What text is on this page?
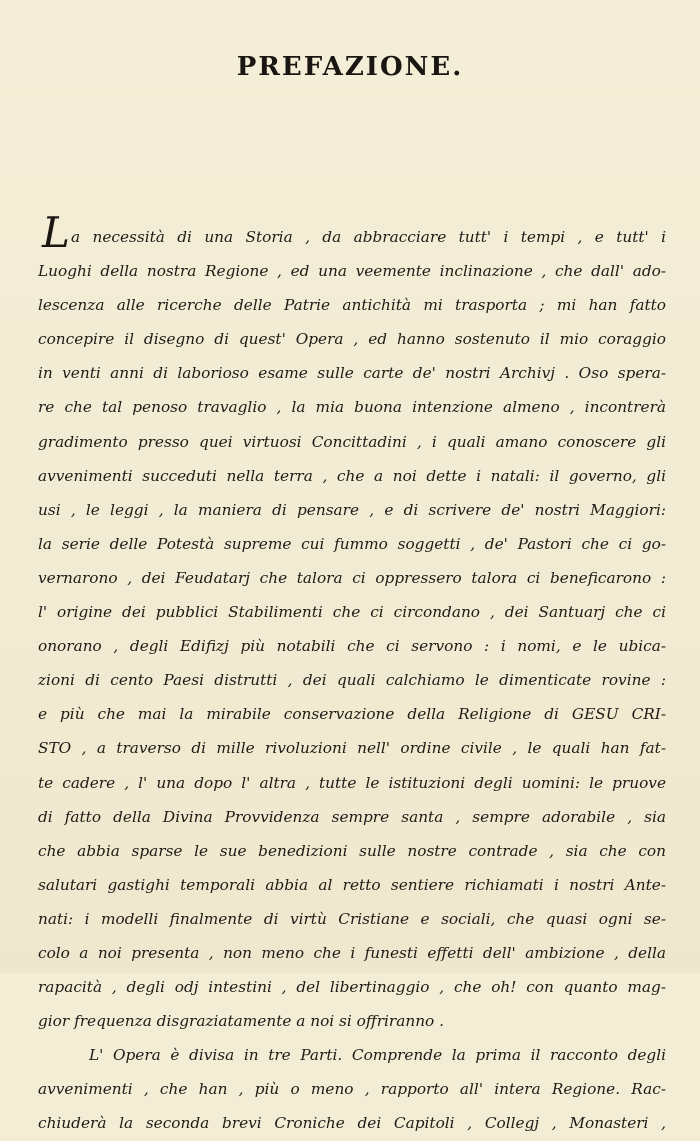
PREFAZIONE.
L a necessità di una Storia , da abbracciare tutt' i tempi , e tutt' i
Luoghi della nostra Regione , ed una veemente inclinazione , che dall' ado-
lescenza alle ricerche delle Patrie antichità mi trasporta ; mi han fatto
concepire il disegno di quest' Opera , ed hanno sostenuto il mio coraggio
in venti anni di laborioso esame sulle carte de' nostri Archivj . Oso spera-
re che tal penoso travaglio , la mia buona intenzione almeno , incontrerà
gradimento presso quei virtuosi Concittadini , i quali amano conoscere gli
avvenimenti succeduti nella terra , che a noi dette i natali: il governo, gli
usi , le leggi , la maniera di pensare , e di scrivere de' nostri Maggiori:
la serie delle Potestà supreme cui fummo soggetti , de' Pastori che ci go-
vernarono , dei Feudatarj che talora ci oppressero talora ci beneficarono :
l' origine dei pubblici Stabilimenti che ci circondano , dei Santuarj che ci
onorano , degli Edifizj più notabili che ci servono : i nomi, e le ubica-
zioni di cento Paesi distrutti , dei quali calchiamo le dimenticate rovine :
e più che mai la mirabile conservazione della Religione di GESU CRI-
STO , a traverso di mille rivoluzioni nell' ordine civile , le quali han fat-
te cadere , l' una dopo l' altra , tutte le istituzioni degli uomini: le pruove
di fatto della Divina Provvidenza sempre santa , sempre adorabile , sia
che abbia sparse le sue benedizioni sulle nostre contrade , sia che con
salutari gastighi temporali abbia al retto sentiere richiamati i nostri Ante-
nati: i modelli finalmente di virtù Cristiane e sociali, che quasi ogni se-
colo a noi presenta , non meno che i funesti effetti dell' ambizione , della
rapacità , degli odj intestini , del libertinaggio , che oh! con quanto mag-
gior frequenza disgraziatamente a noi si offriranno .
L' Opera è divisa in tre Parti. Comprende la prima il racconto degli
avvenimenti , che han , più o meno , rapporto all' intera Regione. Rac-
chiuderà la seconda brevi Croniche dei Capitoli , Collegj , Monasteri ,
